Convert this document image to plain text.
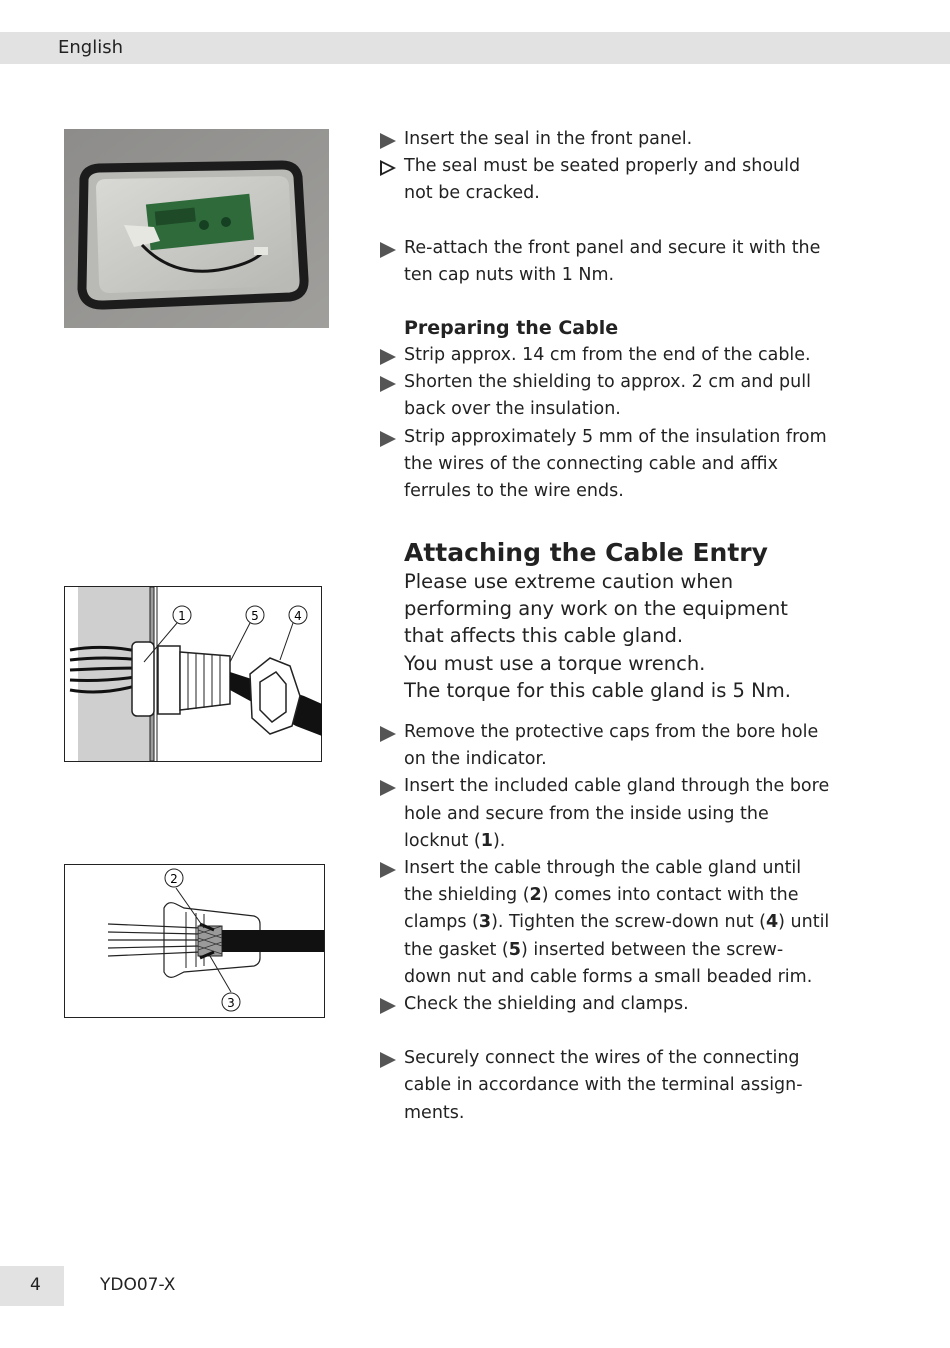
English
1	5	4
2
3
Insert the seal in the front panel.
The seal must be seated properly and should not be cracked.
Re-attach the front panel and secure it with the ten cap nuts with 1 Nm.
Preparing the Cable
Strip approx. 14 cm from the end of the cable.
Shorten the shielding to approx. 2 cm and pull back over the insulation.
Strip approximately 5 mm of the insulation from the wires of the connecting cable and affix ferrules to the wire ends.
Attaching the Cable Entry

Please use extreme caution when performing any work on the equipment that affects this cable gland.

You must use a torque wrench.

The torque for this cable gland is 5 Nm.

Remove the protective caps from the bore hole on the indicator.
Insert the included cable gland through the bore hole and secure from the inside using the locknut (1).
Insert the cable through the cable gland until the shielding (2) comes into contact with the clamps (3). Tighten the screw-down nut (4) until the gasket (5) inserted between the screw-down nut and cable forms a small beaded rim.
Check the shielding and clamps.
Securely connect the wires of the connecting cable in accordance with the terminal assign-ments.
4	YDO07-X
